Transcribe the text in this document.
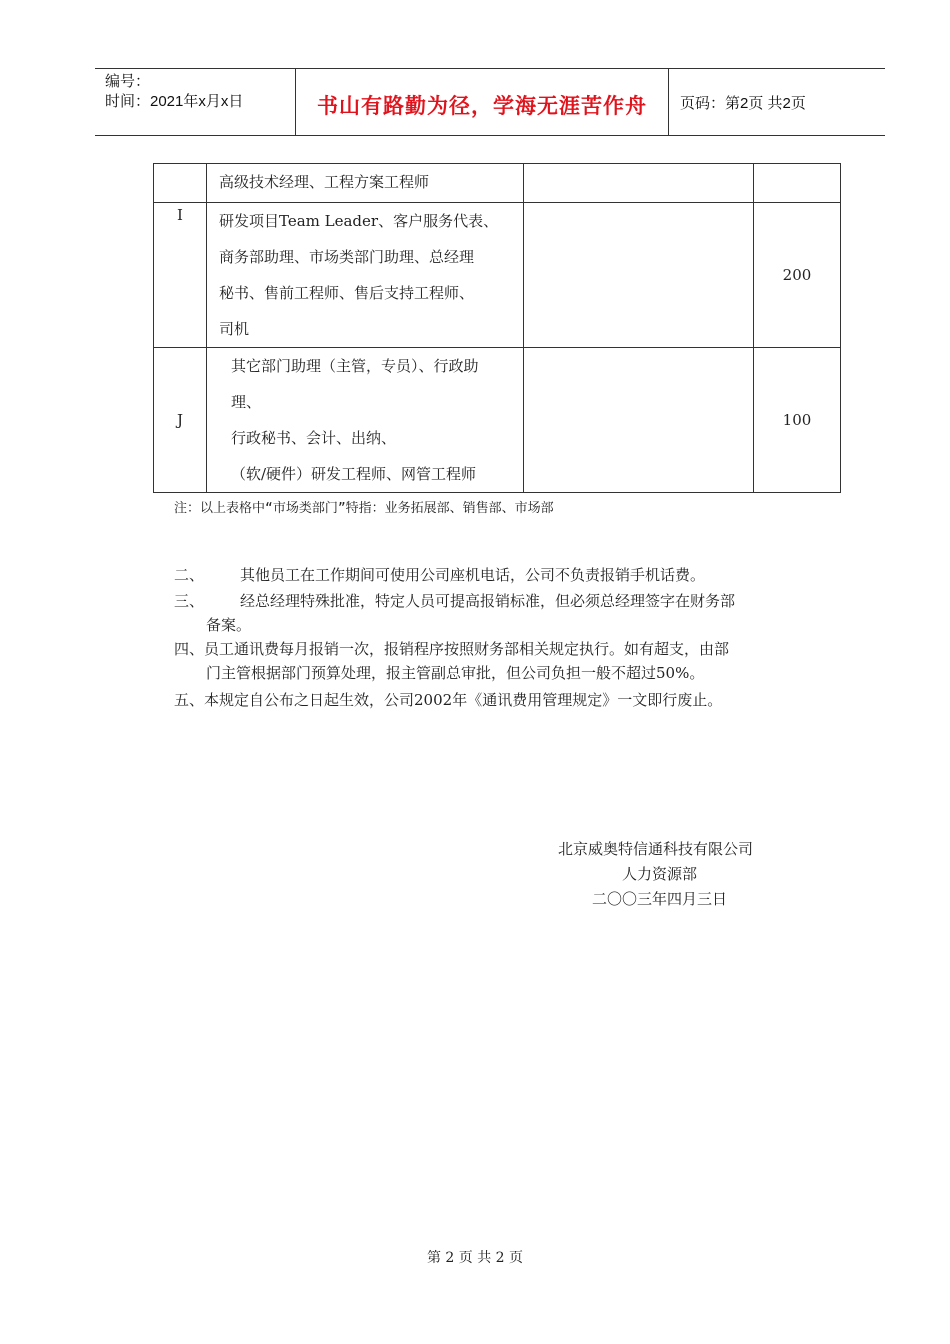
编号：
时间：2021年x月x日	书山有路勤为径，学海无涯苦作舟	页码：第2页 共2页

	高级技术经理、工程方案工程师		

I	研发项目Team Leader、客户服务代表、
商务部助理、市场类部门助理、总经理
秘书、售前工程师、售后支持工程师、
司机		200
J	其它部门助理（主管，专员）、行政助
理、
行政秘书、会计、出纳、
（软/硬件）研发工程师、网管工程师		100
注：以上表格中“市场类部门”特指：业务拓展部、销售部、市场部
二、 其他员工在工作期间可使用公司座机电话，公司不负责报销手机话费。
三、 经总经理特殊批准，特定人员可提高报销标准，但必须总经理签字在财务部
备案。
四、员工通讯费每月报销一次，报销程序按照财务部相关规定执行。如有超支，由部
门主管根据部门预算处理，报主管副总审批，但公司负担一般不超过50%。
五、本规定自公布之日起生效，公司2002年《通讯费用管理规定》一文即行废止。
北京威奥特信通科技有限公司
人力资源部
二〇〇三年四月三日
第 2 页 共 2 页
